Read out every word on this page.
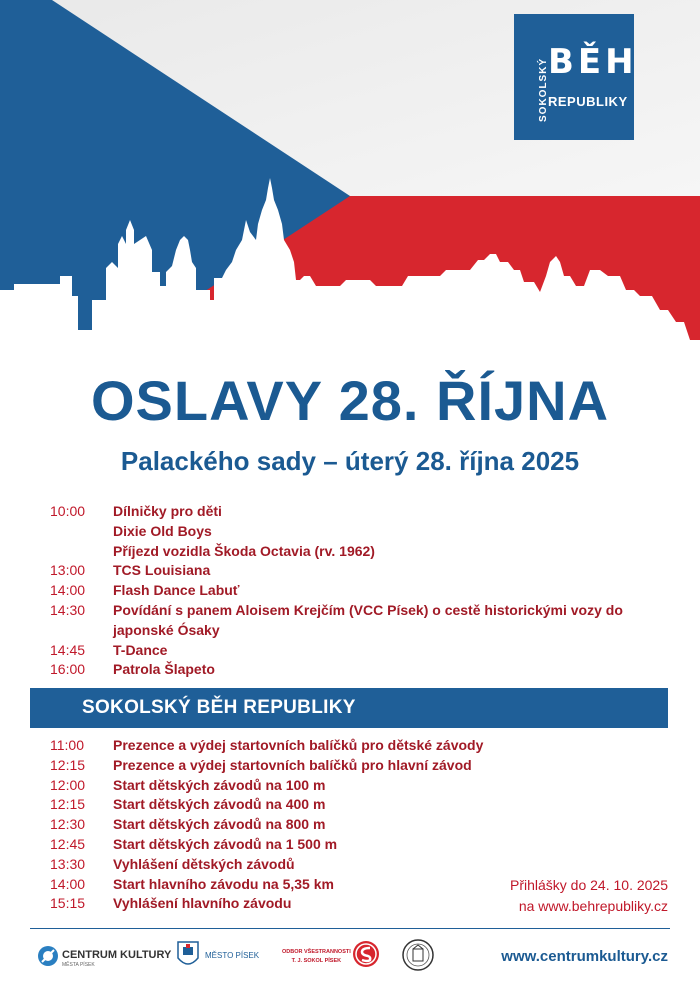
SOKOLSKÝ BĚH
REPUBLIKY
OSLAVY 28. ŘÍJNA
Palackého sady – úterý 28. října 2025
10:00	Dílničky pro děti
Dixie Old Boys
Příjezd vozidla Škoda Octavia (rv. 1962)
13:00	TCS Louisiana
14:00	Flash Dance Labuť
14:30	Povídání s panem Aloisem Krejčím (VCC Písek) o cestě historickými vozy do japonské Ósaky
14:45	T-Dance
16:00	Patrola Šlapeto
SOKOLSKÝ BĚH REPUBLIKY
11:00	Prezence a výdej startovních balíčků pro dětské závody
12:15	Prezence a výdej startovních balíčků pro hlavní závod
12:00	Start dětských závodů na 100 m
12:15	Start dětských závodů na 400 m
12:30	Start dětských závodů na 800 m
12:45	Start dětských závodů na 1 500 m
13:30	Vyhlášení dětských závodů
14:00	Start hlavního závodu na 5,35 km
15:15	Vyhlášení hlavního závodu
Přihlášky do 24. 10. 2025
na www.behrepubliky.cz
CENTRUM KULTURY
MĚSTA PÍSEK
MĚSTO PÍSEK	ODBOR VŠESTRANNOSTI
T. J. SOKOL PÍSEK	www.centrumkultury.cz
